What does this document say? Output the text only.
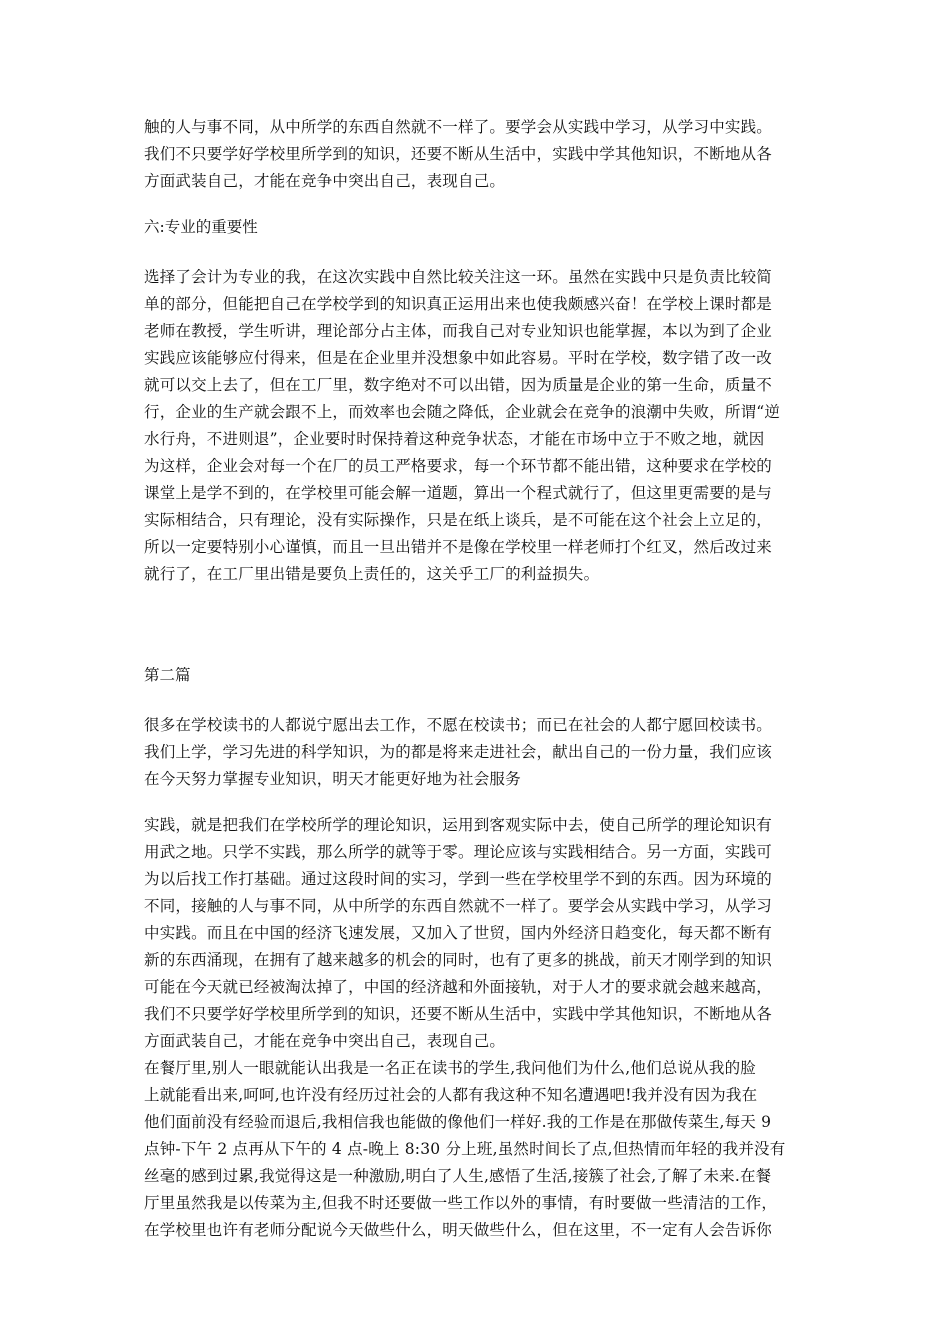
触的人与事不同，从中所学的东西自然就不一样了。要学会从实践中学习，从学习中实践。
我们不只要学好学校里所学到的知识，还要不断从生活中，实践中学其他知识，不断地从各
方面武装自己，才能在竞争中突出自己，表现自己。
六:专业的重要性
选择了会计为专业的我，在这次实践中自然比较关注这一环。虽然在实践中只是负责比较简
单的部分，但能把自己在学校学到的知识真正运用出来也使我颇感兴奋！在学校上课时都是
老师在教授，学生听讲，理论部分占主体，而我自己对专业知识也能掌握，本以为到了企业
实践应该能够应付得来，但是在企业里并没想象中如此容易。平时在学校，数字错了改一改
就可以交上去了，但在工厂里，数字绝对不可以出错，因为质量是企业的第一生命，质量不
行，企业的生产就会跟不上，而效率也会随之降低，企业就会在竞争的浪潮中失败，所谓“逆
水行舟，不进则退”，企业要时时保持着这种竞争状态，才能在市场中立于不败之地，就因
为这样，企业会对每一个在厂的员工严格要求，每一个环节都不能出错，这种要求在学校的
课堂上是学不到的，在学校里可能会解一道题，算出一个程式就行了，但这里更需要的是与
实际相结合，只有理论，没有实际操作，只是在纸上谈兵，是不可能在这个社会上立足的，
所以一定要特别小心谨慎，而且一旦出错并不是像在学校里一样老师打个红叉，然后改过来
就行了，在工厂里出错是要负上责任的，这关乎工厂的利益损失。
第二篇
很多在学校读书的人都说宁愿出去工作，不愿在校读书；而已在社会的人都宁愿回校读书。
我们上学，学习先进的科学知识，为的都是将来走进社会，献出自己的一份力量，我们应该
在今天努力掌握专业知识，明天才能更好地为社会服务
实践，就是把我们在学校所学的理论知识，运用到客观实际中去，使自己所学的理论知识有
用武之地。只学不实践，那么所学的就等于零。理论应该与实践相结合。另一方面，实践可
为以后找工作打基础。通过这段时间的实习，学到一些在学校里学不到的东西。因为环境的
不同，接触的人与事不同，从中所学的东西自然就不一样了。要学会从实践中学习，从学习
中实践。而且在中国的经济飞速发展，又加入了世贸，国内外经济日趋变化，每天都不断有
新的东西涌现，在拥有了越来越多的机会的同时，也有了更多的挑战，前天才刚学到的知识
可能在今天就已经被淘汰掉了，中国的经济越和外面接轨，对于人才的要求就会越来越高，
我们不只要学好学校里所学到的知识，还要不断从生活中，实践中学其他知识，不断地从各
方面武装自己，才能在竞争中突出自己，表现自己。
在餐厅里,别人一眼就能认出我是一名正在读书的学生,我问他们为什么,他们总说从我的脸
上就能看出来,呵呵,也许没有经历过社会的人都有我这种不知名遭遇吧!我并没有因为我在
他们面前没有经验而退后,我相信我也能做的像他们一样好.我的工作是在那做传菜生,每天 9
点钟-下午 2 点再从下午的 4 点-晚上 8:30 分上班,虽然时间长了点,但热情而年轻的我并没有
丝毫的感到过累,我觉得这是一种激励,明白了人生,感悟了生活,接簇了社会,了解了未来.在餐
厅里虽然我是以传菜为主,但我不时还要做一些工作以外的事情，有时要做一些清洁的工作，
在学校里也许有老师分配说今天做些什么，明天做些什么，但在这里，不一定有人会告诉你
